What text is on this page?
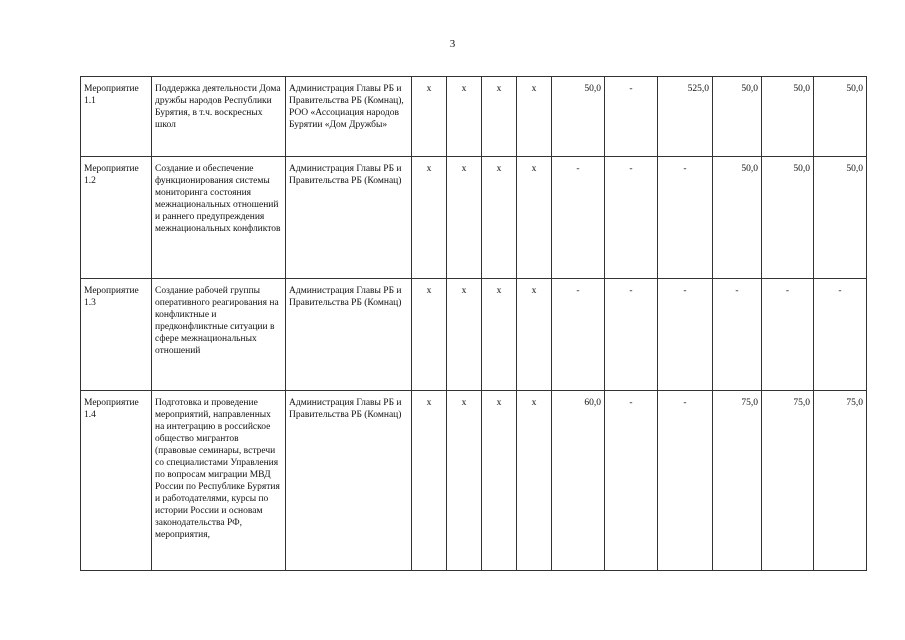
3
Мероприятие 1.1	Поддержка деятельности Дома дружбы народов Республики Бурятия, в т.ч. воскресных школ	Администрация Главы РБ и Правительства РБ (Комнац), РОО «Ассоциация народов Бурятии «Дом Дружбы»	x	x	x	x	50,0	-	525,0	50,0	50,0	50,0
Мероприятие 1.2	Создание и обеспечение функционирования системы мониторинга состояния межнациональных отношений и раннего предупреждения межнациональных конфликтов	Администрация Главы РБ и Правительства РБ (Комнац)	x	x	x	x	-	-	-	50,0	50,0	50,0
Мероприятие 1.3	Создание рабочей группы оперативного реагирования на конфликтные и предконфликтные ситуации в сфере межнациональных отношений	Администрация Главы РБ и Правительства РБ (Комнац)	x	x	x	x	-	-	-	-	-	-
Мероприятие 1.4	Подготовка и проведение мероприятий, направленных на интеграцию в российское общество мигрантов (правовые семинары, встречи со специалистами Управления по вопросам миграции МВД России по Республике Бурятия и работодателями, курсы по истории России и основам законодательства РФ, мероприятия,	Администрация Главы РБ и Правительства РБ (Комнац)	x	x	x	x	60,0	-	-	75,0	75,0	75,0
